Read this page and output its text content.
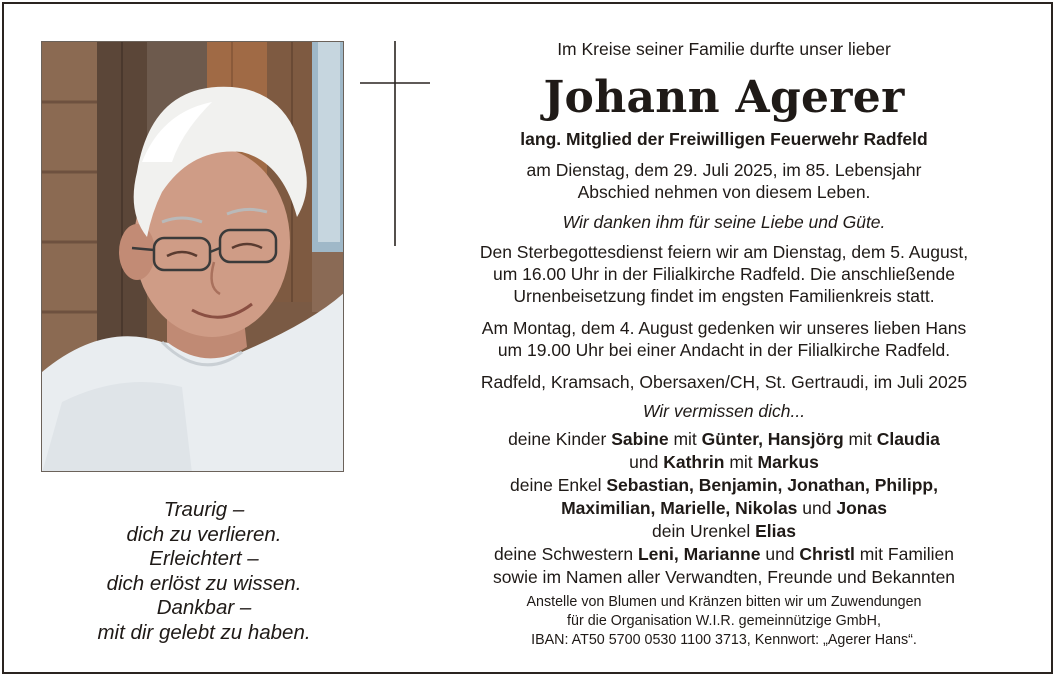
Traurig –
dich zu verlieren.
Erleichtert –
dich erlöst zu wissen.
Dankbar –
mit dir gelebt zu haben.
Im Kreise seiner Familie durfte unser lieber
Johann Agerer
lang. Mitglied der Freiwilligen Feuerwehr Radfeld
am Dienstag, dem 29. Juli 2025, im 85. Lebensjahr
Abschied nehmen von diesem Leben.
Wir danken ihm für seine Liebe und Güte.
Den Sterbegottesdienst feiern wir am Dienstag, dem 5. August,
um 16.00 Uhr in der Filialkirche Radfeld. Die anschließende
Urnenbeisetzung findet im engsten Familienkreis statt.
Am Montag, dem 4. August gedenken wir unseres lieben Hans
um 19.00 Uhr bei einer Andacht in der Filialkirche Radfeld.
Radfeld, Kramsach, Obersaxen/CH, St. Gertraudi, im Juli 2025
Wir vermissen dich...
deine Kinder Sabine mit Günter, Hansjörg mit Claudia
und Kathrin mit Markus
deine Enkel Sebastian, Benjamin, Jonathan, Philipp,
Maximilian, Marielle, Nikolas und Jonas
dein Urenkel Elias
deine Schwestern Leni, Marianne und Christl mit Familien
sowie im Namen aller Verwandten, Freunde und Bekannten
Anstelle von Blumen und Kränzen bitten wir um Zuwendungen
für die Organisation W.I.R. gemeinnützige GmbH,
IBAN: AT50 5700 0530 1100 3713, Kennwort: „Agerer Hans“.
